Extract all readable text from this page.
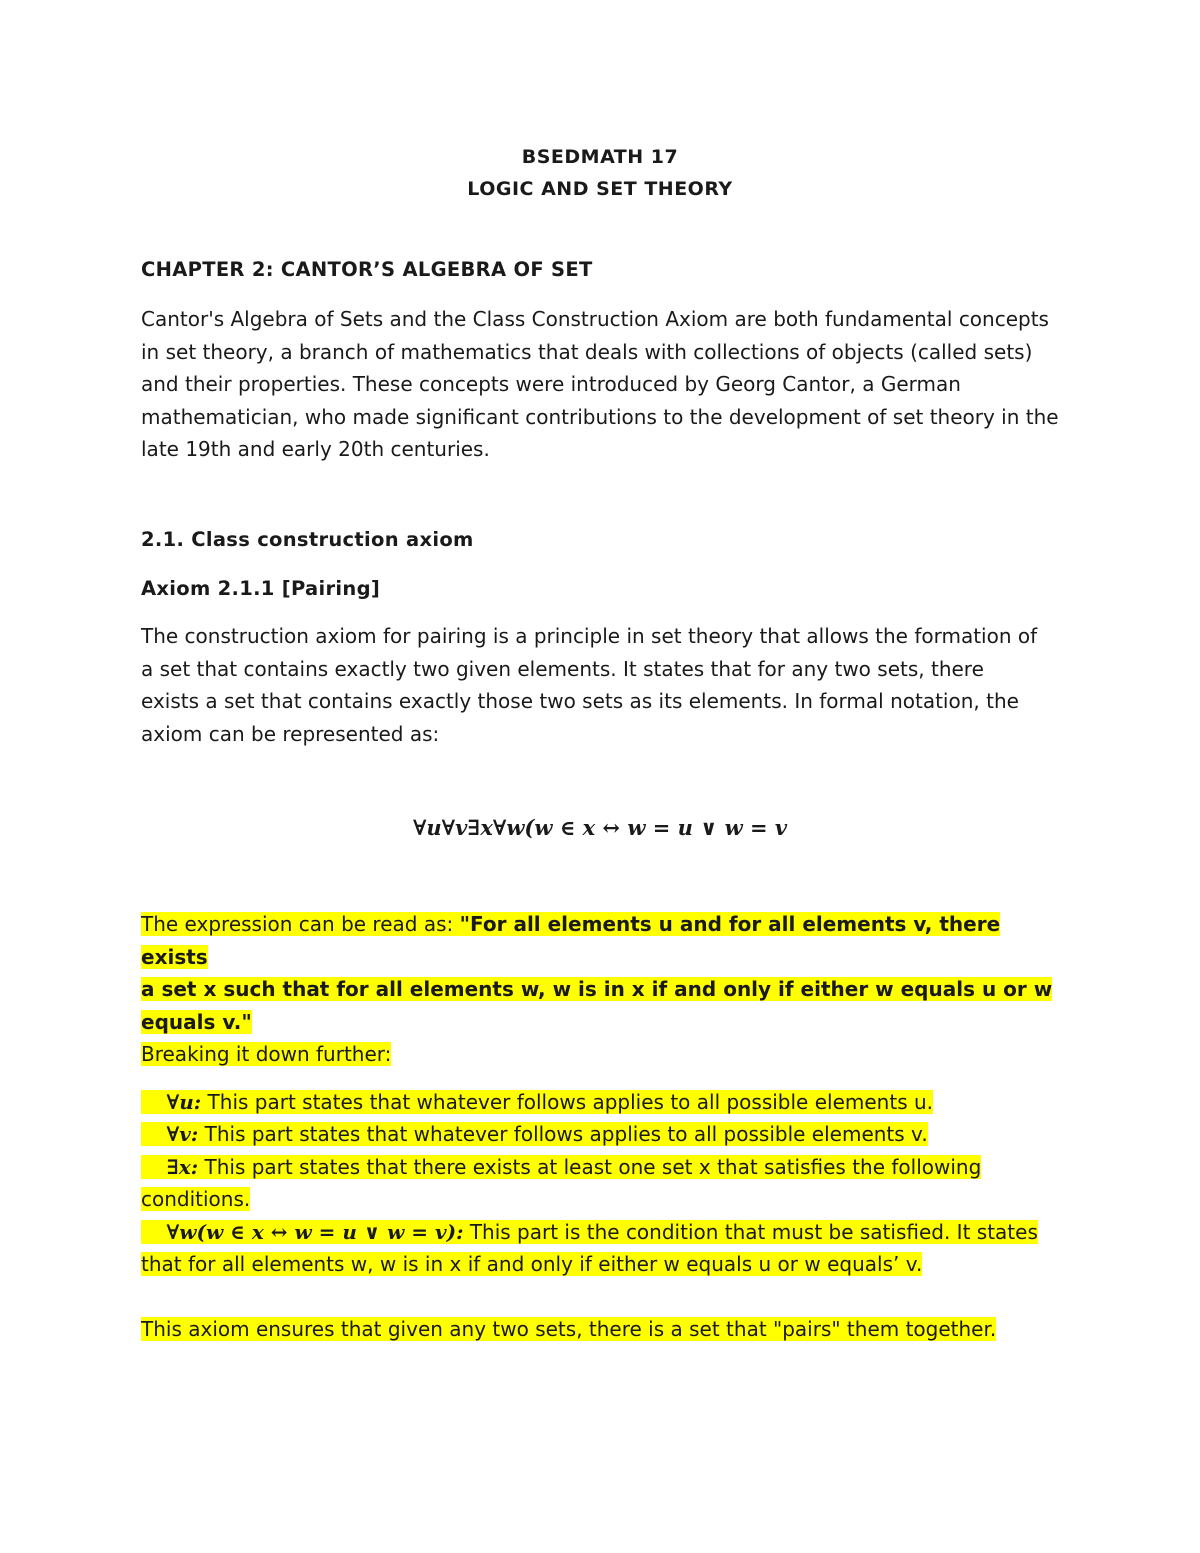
BSEDMATH 17
LOGIC AND SET THEORY
CHAPTER 2: CANTOR’S ALGEBRA OF SET
Cantor's Algebra of Sets and the Class Construction Axiom are both fundamental concepts
in set theory, a branch of mathematics that deals with collections of objects (called sets)
and their properties. These concepts were introduced by Georg Cantor, a German
mathematician, who made significant contributions to the development of set theory in the
late 19th and early 20th centuries.
2.1. Class construction axiom
Axiom 2.1.1 [Pairing]
The construction axiom for pairing is a principle in set theory that allows the formation of
a set that contains exactly two given elements. It states that for any two sets, there
exists a set that contains exactly those two sets as its elements. In formal notation, the
axiom can be represented as:
∀u∀v∃x∀w(w ∈ x ↔ w = u ∨ w = v
The expression can be read as: "For all elements u and for all elements v, there exists
a set x such that for all elements w, w is in x if and only if either w equals u or w
equals v."
Breaking it down further:
∀u: This part states that whatever follows applies to all possible elements u.
∀v: This part states that whatever follows applies to all possible elements v.
∃x: This part states that there exists at least one set x that satisfies the following
conditions.
∀w(w ∈ x ↔ w = u ∨ w = v): This part is the condition that must be satisfied. It states
that for all elements w, w is in x if and only if either w equals u or w equals’ v.
This axiom ensures that given any two sets, there is a set that "pairs" them together.
